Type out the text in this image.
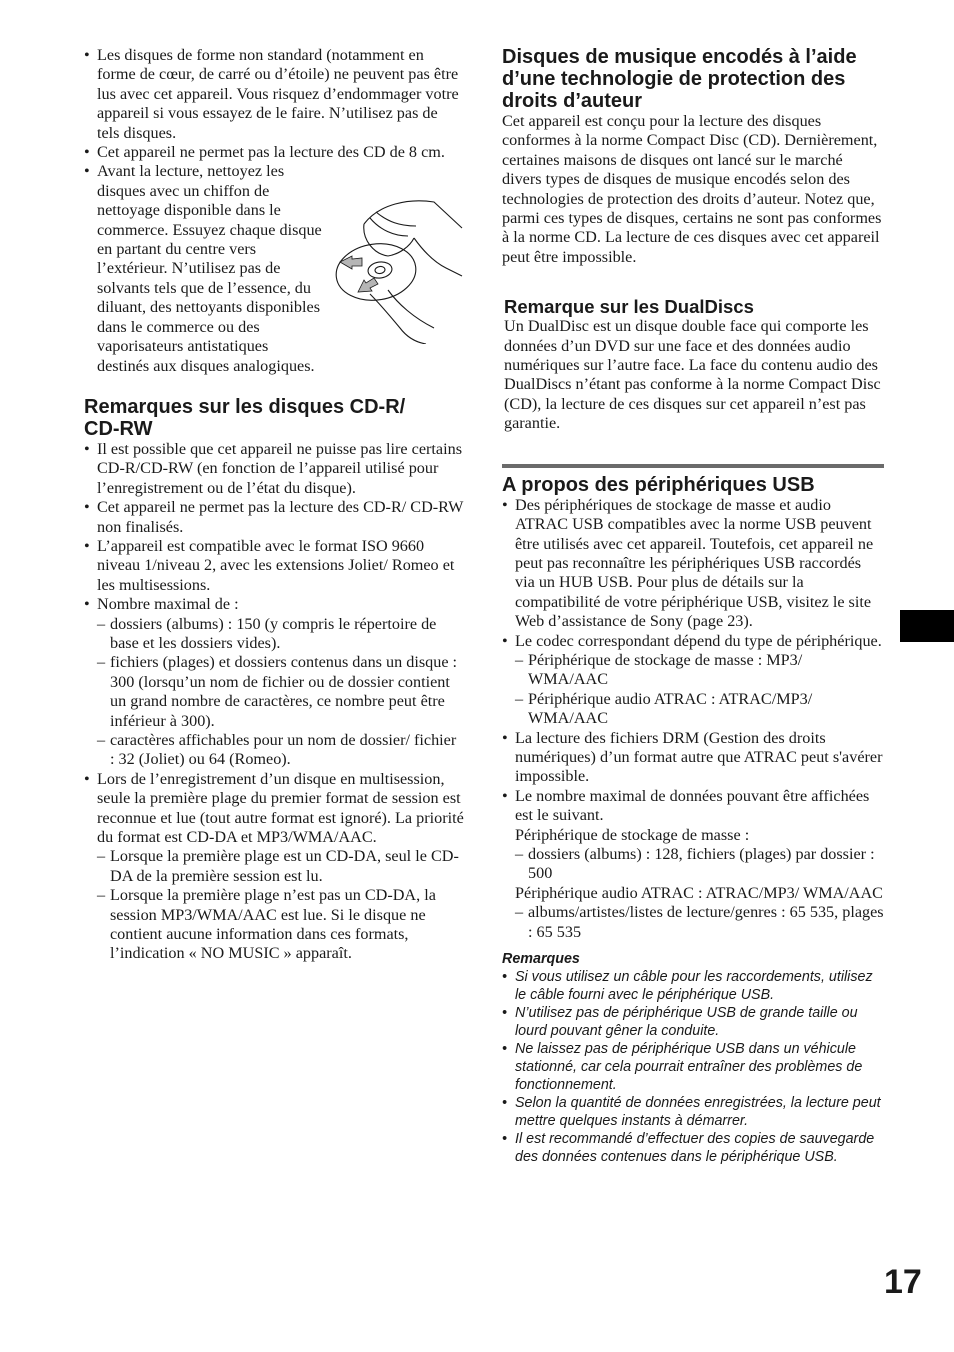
• Les disques de forme non standard (notamment en forme de cœur, de carré ou d’étoile) ne peuvent pas être lus avec cet appareil. Vous risquez d’endommager votre appareil si vous essayez de le faire. N’utilisez pas de tels disques.
• Cet appareil ne permet pas la lecture des CD de 8 cm.
• Avant la lecture, nettoyez les disques avec un chiffon de nettoyage disponible dans le commerce. Essuyez chaque disque en partant du centre vers l’extérieur. N’utilisez pas de solvants tels que de l’essence, du diluant, des nettoyants disponibles dans le commerce ou des vaporisateurs antistatiques destinés aux disques analogiques.
Remarques sur les disques CD-R/ CD-RW
• Il est possible que cet appareil ne puisse pas lire certains CD-R/CD-RW (en fonction de l’appareil utilisé pour l’enregistrement ou de l’état du disque).
• Cet appareil ne permet pas la lecture des CD-R/ CD-RW non finalisés.
• L’appareil est compatible avec le format ISO 9660 niveau 1/niveau 2, avec les extensions Joliet/ Romeo et les multisessions.
• Nombre maximal de :
– dossiers (albums) : 150 (y compris le répertoire de base et les dossiers vides).
– fichiers (plages) et dossiers contenus dans un disque : 300 (lorsqu’un nom de fichier ou de dossier contient un grand nombre de caractères, ce nombre peut être inférieur à 300).
– caractères affichables pour un nom de dossier/ fichier : 32 (Joliet) ou 64 (Romeo).
• Lors de l’enregistrement d’un disque en multisession, seule la première plage du premier format de session est reconnue et lue (tout autre format est ignoré). La priorité du format est CD-DA et MP3/WMA/AAC.
– Lorsque la première plage est un CD-DA, seul le CD-DA de la première session est lu.
– Lorsque la première plage n’est pas un CD-DA, la session MP3/WMA/AAC est lue. Si le disque ne contient aucune information dans ces formats, l’indication « NO MUSIC » apparaît.
Disques de musique encodés à l’aide d’une technologie de protection des droits d’auteur

Cet appareil est conçu pour la lecture des disques conformes à la norme Compact Disc (CD). Dernièrement, certaines maisons de disques ont lancé sur le marché divers types de disques de musique encodés selon des technologies de protection des droits d’auteur. Notez que, parmi ces types de disques, certains ne sont pas conformes à la norme CD. La lecture de ces disques avec cet appareil peut être impossible.

Remarque sur les DualDiscs

Un DualDisc est un disque double face qui comporte les données d’un DVD sur une face et des données audio numériques sur l’autre face. La face du contenu audio des DualDiscs n’étant pas conforme à la norme Compact Disc (CD), la lecture de ces disques sur cet appareil n’est pas garantie.

A propos des périphériques USB
• Des périphériques de stockage de masse et audio ATRAC USB compatibles avec la norme USB peuvent être utilisés avec cet appareil. Toutefois, cet appareil ne peut pas reconnaître les périphériques USB raccordés via un HUB USB. Pour plus de détails sur la compatibilité de votre périphérique USB, visitez le site Web d’assistance de Sony (page 23).
• Le codec correspondant dépend du type de périphérique.
– Périphérique de stockage de masse : MP3/ WMA/AAC
– Périphérique audio ATRAC : ATRAC/MP3/ WMA/AAC
• La lecture des fichiers DRM (Gestion des droits numériques) d’un format autre que ATRAC peut s'avérer impossible.
• Le nombre maximal de données pouvant être affichées est le suivant.
Périphérique de stockage de masse :
– dossiers (albums) : 128, fichiers (plages) par dossier : 500
Périphérique audio ATRAC : ATRAC/MP3/ WMA/AAC
– albums/artistes/listes de lecture/genres : 65 535, plages : 65 535
Remarques
• Si vous utilisez un câble pour les raccordements, utilisez le câble fourni avec le périphérique USB.
• N’utilisez pas de périphérique USB de grande taille ou lourd pouvant gêner la conduite.
• Ne laissez pas de périphérique USB dans un véhicule stationné, car cela pourrait entraîner des problèmes de fonctionnement.
• Selon la quantité de données enregistrées, la lecture peut mettre quelques instants à démarrer.
• Il est recommandé d’effectuer des copies de sauvegarde des données contenues dans le périphérique USB.
17
